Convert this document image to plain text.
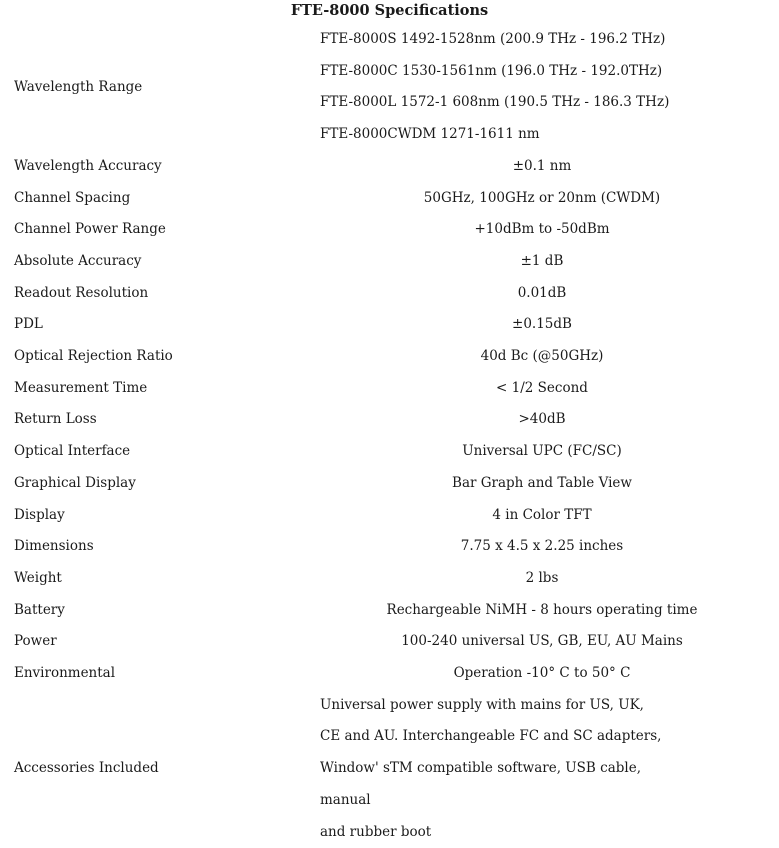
FTE-8000 Specifications
Wavelength Range	FTE-8000S 1492-1528nm (200.9 THz - 196.2 THz)
FTE-8000C 1530-1561nm (196.0 THz - 192.0THz)
FTE-8000L 1572-1 608nm (190.5 THz - 186.3 THz)
FTE-8000CWDM 1271-1611 nm

Wavelength Accuracy	±0.1 nm
Channel Spacing	50GHz, 100GHz or 20nm (CWDM)
Channel Power Range	+10dBm to -50dBm
Absolute Accuracy	±1 dB
Readout Resolution	0.01dB
PDL	±0.15dB
Optical Rejection Ratio	40d Bc (@50GHz)
Measurement Time	< 1/2 Second
Return Loss	>40dB
Optical Interface	Universal UPC (FC/SC)
Graphical Display	Bar Graph and Table View
Display	4 in Color TFT
Dimensions	7.75 x 4.5 x 2.25 inches
Weight	2 lbs
Battery	Rechargeable NiMH - 8 hours operating time
Power	100-240 universal US, GB, EU, AU Mains
Environmental	Operation -10° C to 50° C
Accessories Included	Universal power supply with mains for US, UK,
CE and AU. Interchangeable FC and SC adapters,
Window' sTM compatible software, USB cable,
manual
and rubber boot
